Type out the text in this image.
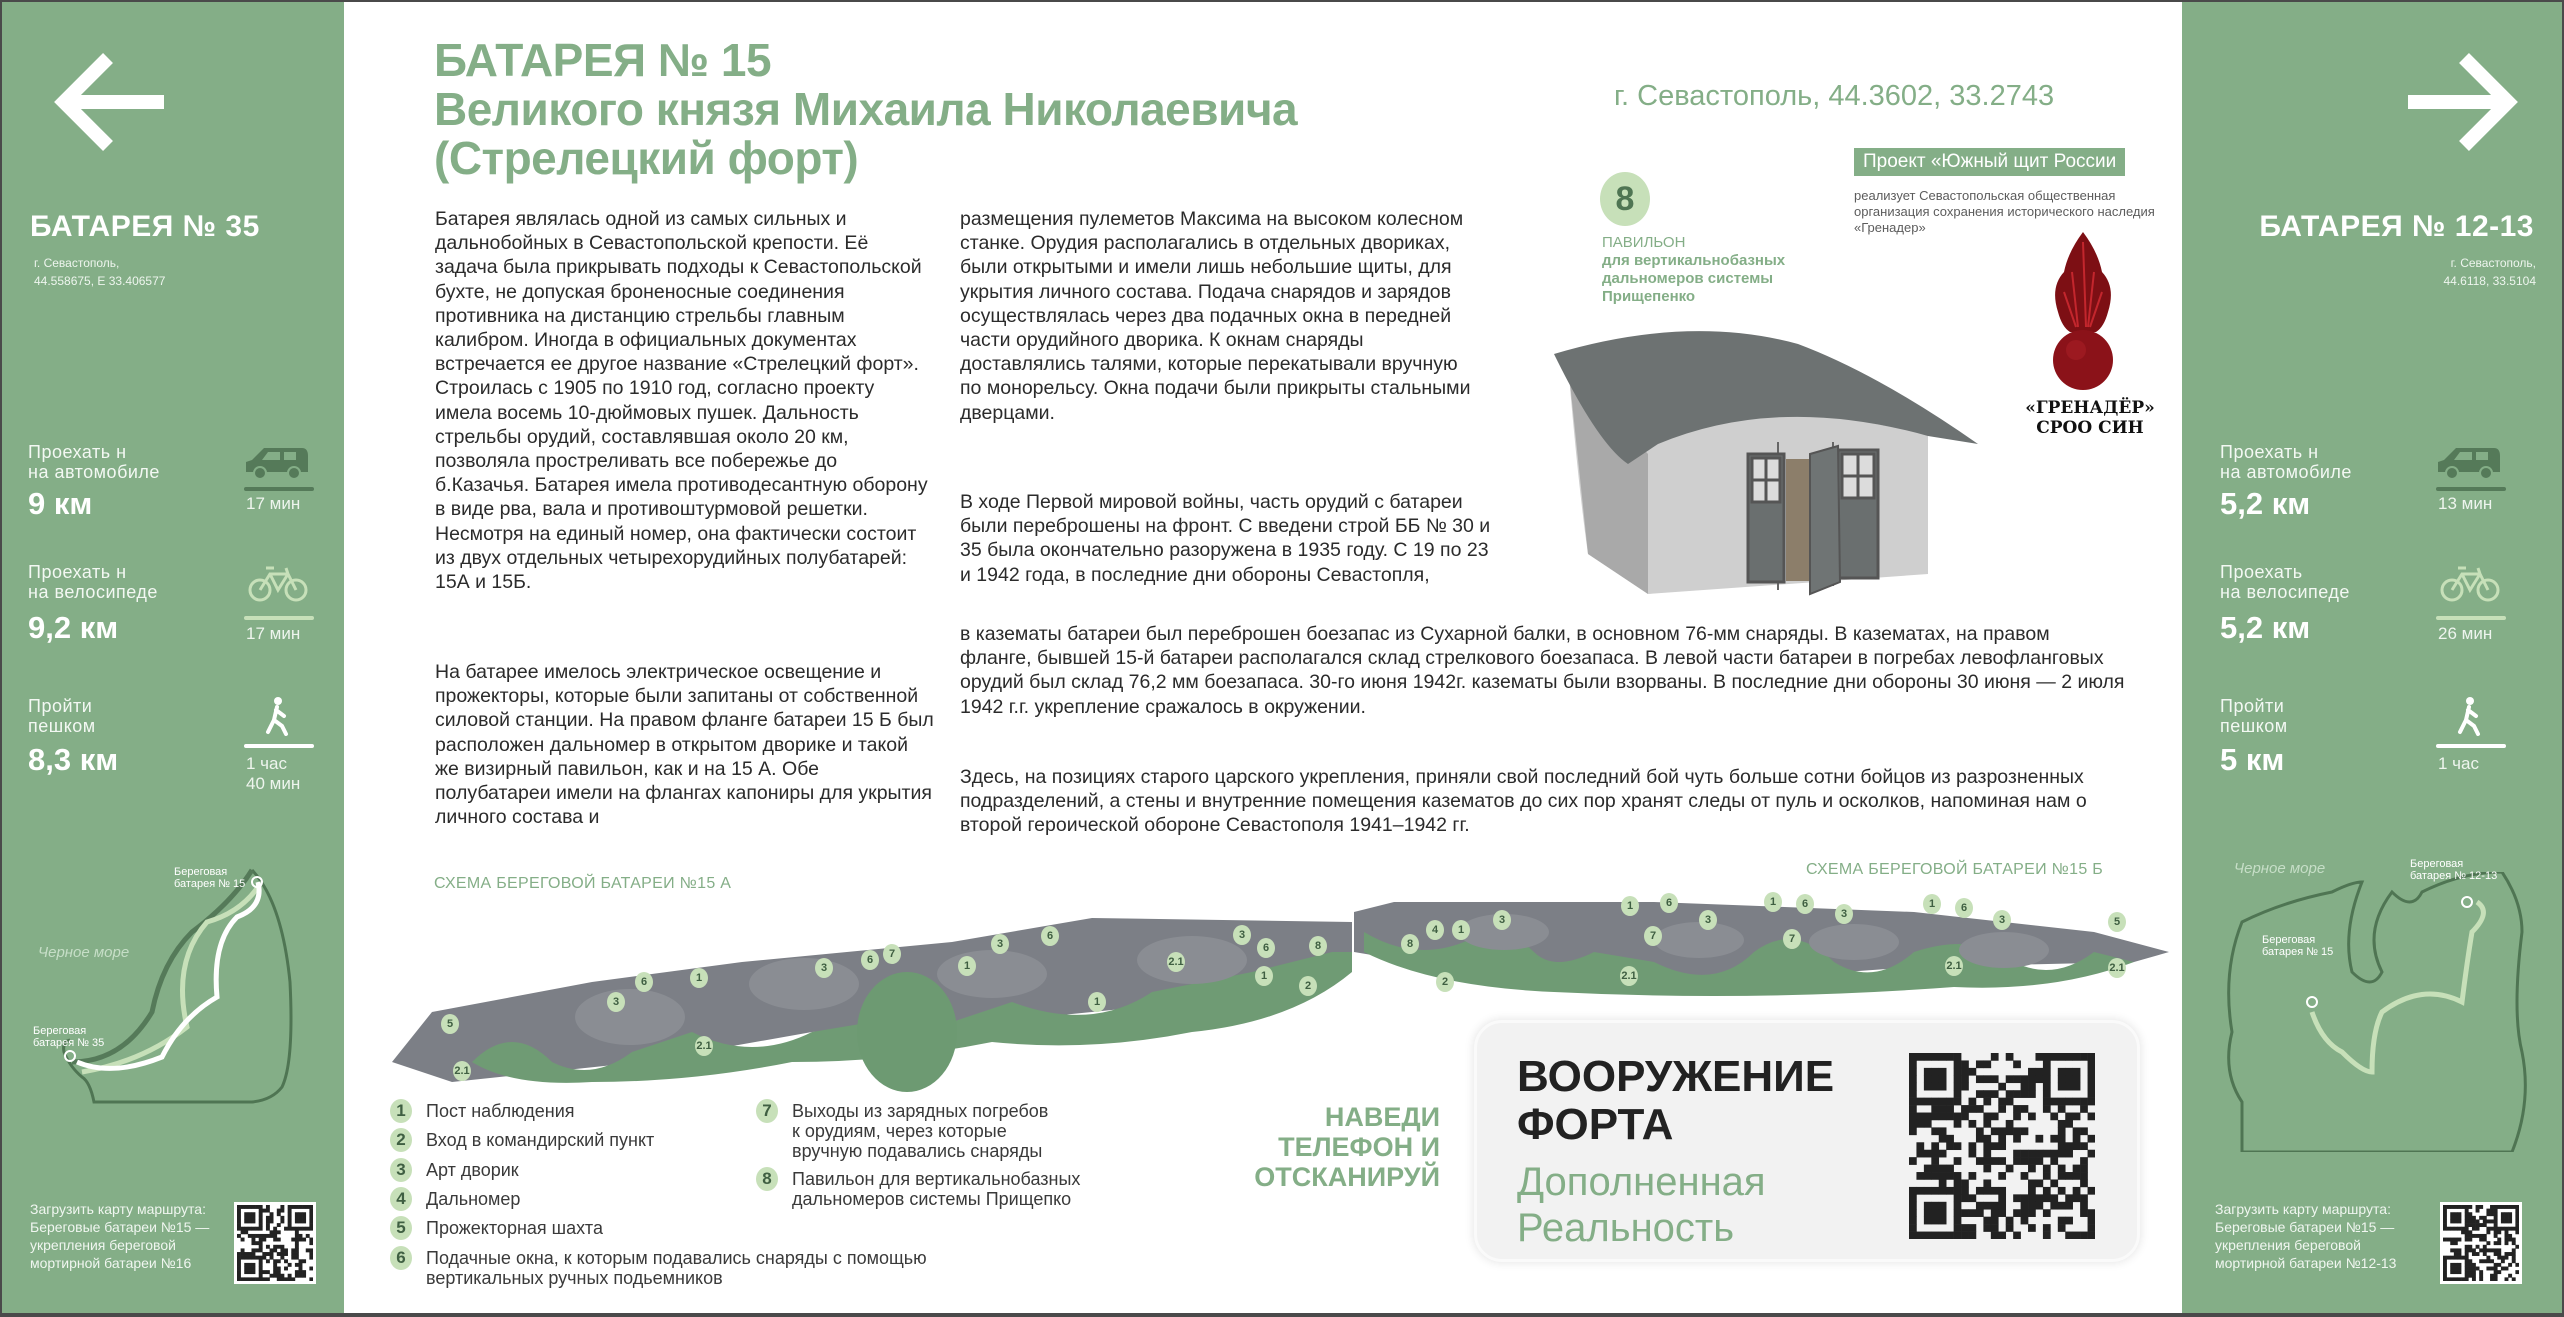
БАТАРЕЯ № 35
г. Севастополь,
44.558675, E 33.406577
Проехать н
на автомобиле
9 км	17 мин
Проехать н
на велосипеде
9,2 км	17 мин
Пройти
пешком
8,3 км	1 час
40 мин
Черное море
Береговая
батарея № 15
Береговая
батарея № 35
Загрузить карту маршрута:
Береговые батареи №15 —
укрепления береговой
мортирной батареи №16
БАТАРЕЯ № 15
Великого князя Михаила Николаевича
(Стрелецкий форт)
г. Севастополь, 44.3602, 33.2743
Батарея являлась одной из самых сильных и дальнобойных в Севастопольской крепости. Её задача была прикрывать подходы к Севастопольской бухте, не допуская броненосные соединения противника на дистанцию стрельбы главным калибром. Иногда в официальных документах встречается ее другое название «Стрелецкий форт». Строилась с 1905 по 1910 год, согласно проекту имела восемь 10-дюймовых пушек. Дальность стрельбы орудий, составлявшая около 20 км, позволяла простреливать все побережье до б.Казачья. Батарея имела противодесантную оборону в виде рва, вала и противоштурмовой решетки. Несмотря на единый номер, она фактически состоит из двух отдельных четырехорудийных полубатарей: 15А и 15Б.
На батарее имелось электрическое освещение и прожекторы, которые были запитаны от собственной силовой станции. На правом фланге батареи 15 Б был расположен дальномер в открытом дворике и такой же визирный павильон, как и на 15 А. Обе полубатареи имели на флангах капониры для укрытия личного состава и
размещения пулеметов Максима на высоком колесном станке. Орудия располагались в отдельных двориках, были открытыми и имели лишь небольшие щиты, для укрытия личного состава. Подача снарядов и зарядов осуществлялась через два подачных окна в передней части орудийного дворика. К окнам снаряды доставлялись талями, которые перекатывали вручную по монорельсу. Окна подачи были прикрыты стальными дверцами.
В ходе Первой мировой войны, часть орудий с батареи были переброшены на фронт. С введени строй ББ № 30 и 35 была окончательно разоружена в 1935 году. С 19 по 23 и 1942 года, в последние дни обороны Севастопля,
в казематы батареи был переброшен боезапас из Сухарной балки, в основном 76-мм снаряды. В казематах, на правом фланге, бывшей 15-й батареи располагался склад стрелкового боезапаса. В левой части батареи в погребах левофланговых орудий был склад 76,2 мм боезапаса. 30-го июня 1942г. казематы были взорваны. В последние дни обороны 30 июня — 2 июля 1942 г.г. укрепление сражалось в окружении.
Здесь, на позициях старого царского укрепления, приняли свой последний бой чуть больше сотни бойцов из разрозненных подразделений, а стены и внутренние помещения казематов до сих пор хранят следы от пуль и осколков, напоминая нам о второй героической обороне Севастополя 1941–1942 гг.
8
ПАВИЛЬОН
для вертикальнобазных
дальномеров системы
Прищепенко
Проект «Южный щит России
реализует Севастопольская общественная организация сохранения исторического наследия «Гренадер»
«ГРЕНАДЁР»
СРОО СИН
СХЕМА БЕРЕГОВОЙ БАТАРЕИ №15 А
СХЕМА БЕРЕГОВОЙ БАТАРЕИ №15 Б
5
2.1
3
6	1
2.1
3
6	7
1
3
6
1
2.1
3
6
1
2
8	8
4	1
2
3
1	6
7
2.1
3
1	6
7
3
1	6
3
2.1
5
2.1
1	Пост наблюдения
2	Вход в командирский пункт
3	Арт дворик
4	Дальномер
5	Прожекторная шахта
6	Подачные окна, к которым подавались снаряды с помощью
вертикальных ручных подьемников
7	Выходы из зарядных погребов
к орудиям, через которые
вручную подавались снаряды
8	Павильон для вертикальнобазных
дальномеров системы Прищепко
НАВЕДИ
ТЕЛЕФОН И
ОТСКАНИРУЙ
ВООРУЖЕНИЕ
ФОРТА
Дополненная
Реальность
БАТАРЕЯ № 12-13
г. Севастополь,
44.6118, 33.5104
Проехать н
на автомобиле
5,2 км	13 мин
Проехать
на велосипеде
5,2 км	26 мин
Пройти
пешком
5 км	1 час
Черное море	Береговая
батарея № 12-13
Береговая
батарея № 15
Загрузить карту маршрута:
Береговые батареи №15 —
укрепления береговой
мортирной батареи №12-13
